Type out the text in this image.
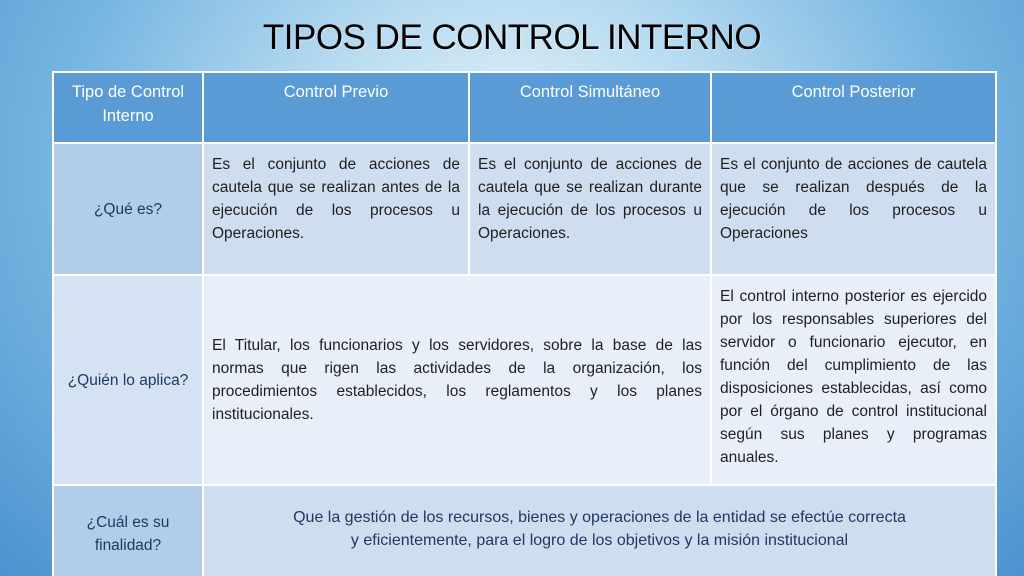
TIPOS DE CONTROL INTERNO
Tipo de Control Interno	Control Previo	Control Simultáneo	Control Posterior
¿Qué es?	Es el conjunto de acciones de cautela que se realizan antes de la ejecución de los procesos u Operaciones.	Es el conjunto de acciones de cautela que se realizan durante la ejecución de los procesos u Operaciones.	Es el conjunto de acciones de cautela que se realizan después de la ejecución de los procesos u Operaciones
¿Quién lo aplica?	El Titular, los funcionarios y los servidores, sobre la base de las normas que rigen las actividades de la organización, los procedimientos establecidos, los reglamentos y los planes institucionales.		El control interno posterior es ejercido por los responsables superiores del servidor o funcionario ejecutor, en función del cumplimiento de las disposiciones establecidas, así como por el órgano de control institucional según sus planes y programas anuales.
¿Cuál es su finalidad?	Que la gestión de los recursos, bienes y operaciones de la entidad se efectúe correcta
y eficientemente, para el logro de los objetivos y la misión institucional		
